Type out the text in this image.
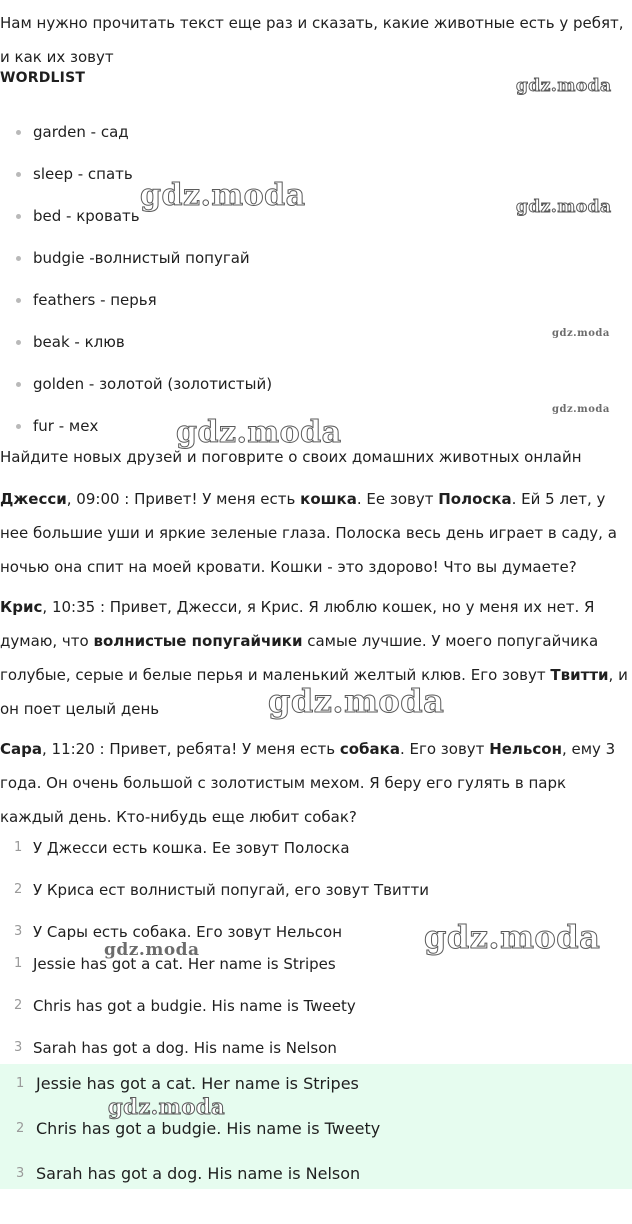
Нам нужно прочитать текст еще раз и сказать, какие животные есть у ребят, и как их зовут

WORDLIST

garden - сад
sleep - спать
bed - кровать
budgie -волнистый попугай
feathers - перья
beak - клюв
golden - золотой (золотистый)
fur - мех

Найдите новых друзей и поговрите о своих домашних животных онлайн

Джесси, 09:00 : Привет! У меня есть кошка. Ее зовут Полоска. Ей 5 лет, у нее большие уши и яркие зеленые глаза. Полоска весь день играет в саду, а ночью она спит на моей кровати. Кошки - это здорово! Что вы думаете?

Крис, 10:35 : Привет, Джесси, я Крис. Я люблю кошек, но у меня их нет. Я думаю, что волнистые попугайчики самые лучшие. У моего попугайчика голубые, серые и белые перья и маленький желтый клюв. Его зовут Твитти, и он поет целый день

Сара, 11:20 : Привет, ребята! У меня есть собака. Его зовут Нельсон, ему 3 года. Он очень большой с золотистым мехом. Я беру его гулять в парк каждый день. Кто-нибудь еще любит собак?

1 У Джесси есть кошка. Ее зовут Полоска
2 У Криса ест волнистый попугай, его зовут Твитти
3 У Сары есть собака. Его зовут Нельсон
1 Jessie has got a cat. Her name is Stripes
2 Chris has got a budgie. His name is Tweety
3 Sarah has got a dog. His name is Nelson
1 Jessie has got a cat. Her name is Stripes
2 Chris has got a budgie. His name is Tweety
3 Sarah has got a dog. His name is Nelson
gdz.moda
gdz.moda	gdz.moda
gdz.moda
gdz.moda
gdz.moda
gdz.moda
gdz.moda
gdz.moda
gdz.moda
